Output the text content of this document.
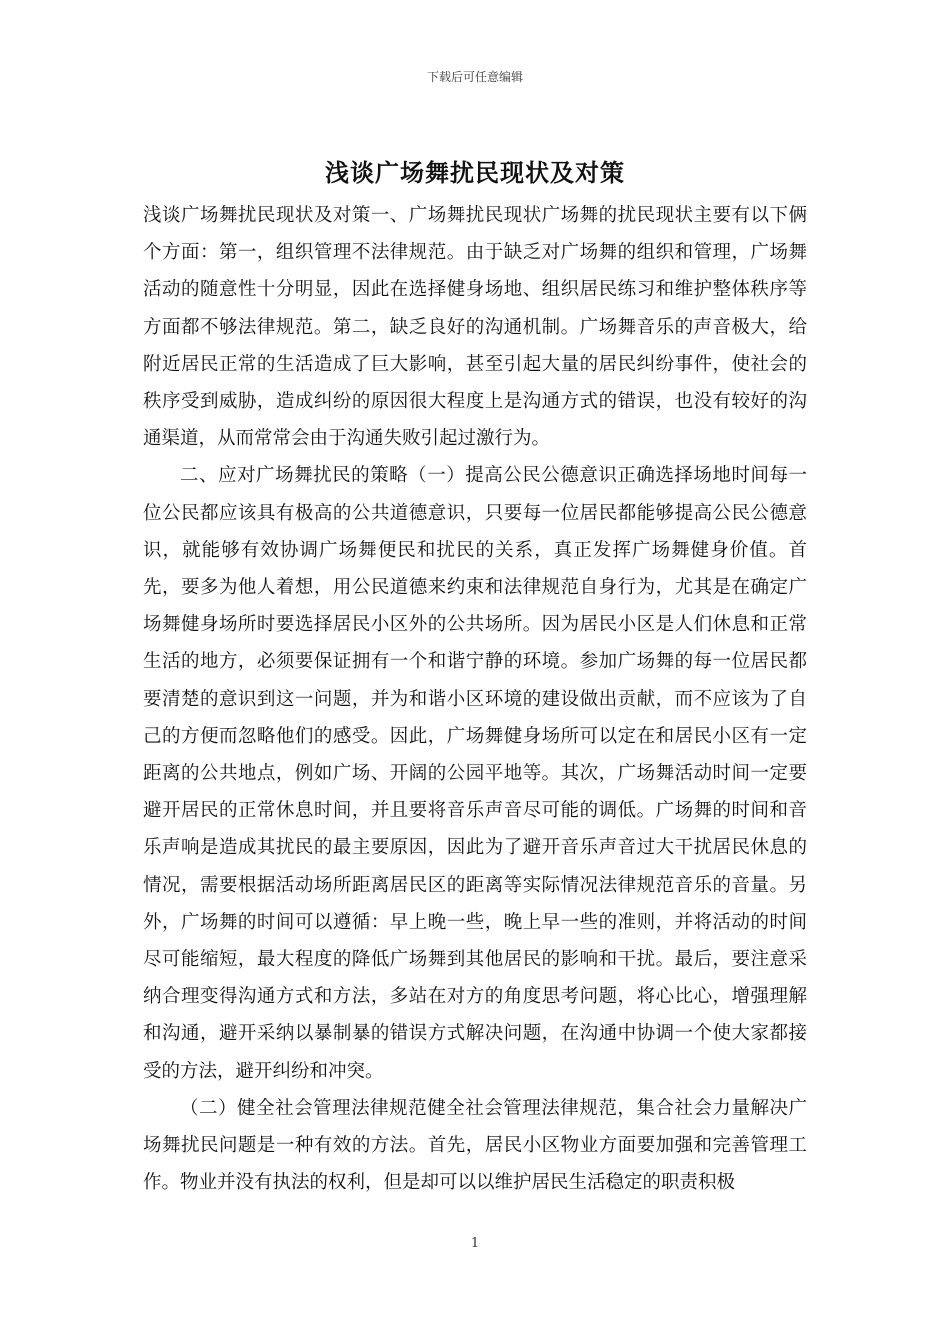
下载后可任意编辑
浅谈广场舞扰民现状及对策

浅谈广场舞扰民现状及对策一、广场舞扰民现状广场舞的扰民现状主要有以下俩个方面：第一，组织管理不法律规范。由于缺乏对广场舞的组织和管理，广场舞活动的随意性十分明显，因此在选择健身场地、组织居民练习和维护整体秩序等方面都不够法律规范。第二，缺乏良好的沟通机制。广场舞音乐的声音极大，给附近居民正常的生活造成了巨大影响，甚至引起大量的居民纠纷事件，使社会的秩序受到威胁，造成纠纷的原因很大程度上是沟通方式的错误，也没有较好的沟通渠道，从而常常会由于沟通失败引起过激行为。

二、应对广场舞扰民的策略（一）提高公民公德意识正确选择场地时间每一位公民都应该具有极高的公共道德意识，只要每一位居民都能够提高公民公德意识，就能够有效协调广场舞便民和扰民的关系，真正发挥广场舞健身价值。首先，要多为他人着想，用公民道德来约束和法律规范自身行为，尤其是在确定广场舞健身场所时要选择居民小区外的公共场所。因为居民小区是人们休息和正常生活的地方，必须要保证拥有一个和谐宁静的环境。参加广场舞的每一位居民都要清楚的意识到这一问题，并为和谐小区环境的建设做出贡献，而不应该为了自己的方便而忽略他们的感受。因此，广场舞健身场所可以定在和居民小区有一定距离的公共地点，例如广场、开阔的公园平地等。其次，广场舞活动时间一定要避开居民的正常休息时间，并且要将音乐声音尽可能的调低。广场舞的时间和音乐声响是造成其扰民的最主要原因，因此为了避开音乐声音过大干扰居民休息的情况，需要根据活动场所距离居民区的距离等实际情况法律规范音乐的音量。另外，广场舞的时间可以遵循：早上晚一些，晚上早一些的准则，并将活动的时间尽可能缩短，最大程度的降低广场舞到其他居民的影响和干扰。最后，要注意采纳合理变得沟通方式和方法，多站在对方的角度思考问题，将心比心，增强理解和沟通，避开采纳以暴制暴的错误方式解决问题，在沟通中协调一个使大家都接受的方法，避开纠纷和冲突。

（二）健全社会管理法律规范健全社会管理法律规范，集合社会力量解决广场舞扰民问题是一种有效的方法。首先，居民小区物业方面要加强和完善管理工作。物业并没有执法的权利，但是却可以以维护居民生活稳定的职责积极

1
